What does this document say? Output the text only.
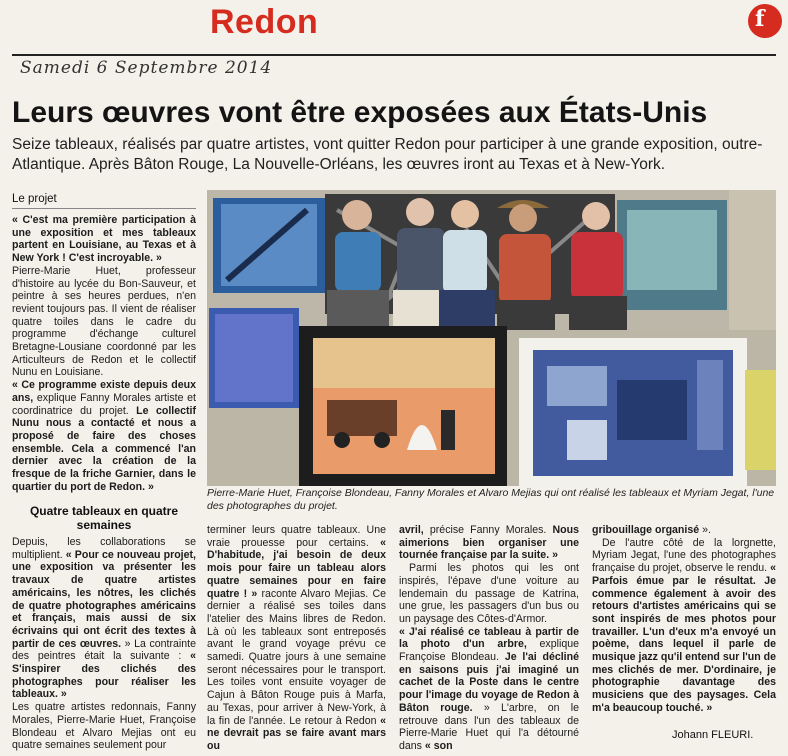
Redon	f
Samedi 6 Septembre 2014
Leurs œuvres vont être exposées aux États-Unis
Seize tableaux, réalisés par quatre artistes, vont quitter Redon pour participer à une grande exposition, outre-Atlantique. Après Bâton Rouge, La Nouvelle-Orléans, les œuvres iront au Texas et à New-York.
Le projet

« C'est ma première participation à une exposition et mes tableaux partent en Louisiane, au Texas et à New York ! C'est incroyable. »

Pierre-Marie Huet, professeur d'histoire au lycée du Bon-Sauveur, et peintre à ses heures perdues, n'en revient toujours pas. Il vient de réaliser quatre toiles dans le cadre du programme d'échange culturel Bretagne-Lousiane coordonné par les Articulteurs de Redon et le collectif Nunu en Louisiane.

« Ce programme existe depuis deux ans, explique Fanny Morales artiste et coordinatrice du projet. Le collectif Nunu nous a contacté et nous a proposé de faire des choses ensemble. Cela a commencé l'an dernier avec la création de la fresque de la friche Garnier, dans le quartier du port de Redon. »

Quatre tableaux en quatre semaines

Depuis, les collaborations se multiplient. « Pour ce nouveau projet, une exposition va présenter les travaux de quatre artistes américains, les nôtres, les clichés de quatre photographes américains et français, mais aussi de six écrivains qui ont écrit des textes à partir de ces œuvres. » La contrainte des peintres était la suivante : « S'inspirer des clichés des photographes pour réaliser les tableaux. »

Les quatre artistes redonnais, Fanny Morales, Pierre-Marie Huet, Françoise Blondeau et Alvaro Mejias ont eu quatre semaines seulement pour

Pierre-Marie Huet, Françoise Blondeau, Fanny Morales et Alvaro Mejias qui ont réalisé les tableaux et Myriam Jegat, l'une des photographes du projet.

terminer leurs quatre tableaux. Une vraie prouesse pour certains. « D'habitude, j'ai besoin de deux mois pour faire un tableau alors quatre semaines pour en faire quatre ! » raconte Alvaro Mejias. Ce dernier a réalisé ses toiles dans l'atelier des Mains libres de Redon. Là où les tableaux sont entreposés avant le grand voyage prévu ce samedi. Quatre jours à une semaine seront nécessaires pour le transport. Les toiles vont ensuite voyager de Cajun à Bâton Rouge puis à Marfa, au Texas, pour arriver à New-York, à la fin de l'année. Le retour à Redon « ne devrait pas se faire avant mars ou

avril, précise Fanny Morales. Nous aimerions bien organiser une tournée française par la suite. »

Parmi les photos qui les ont inspirés, l'épave d'une voiture au lendemain du passage de Katrina, une grue, les passagers d'un bus ou un paysage des Côtes-d'Armor.

« J'ai réalisé ce tableau à partir de la photo d'un arbre, explique Françoise Blondeau. Je l'ai décliné en saisons puis j'ai imaginé un cachet de la Poste dans le centre pour l'image du voyage de Redon à Bâton rouge. » L'arbre, on le retrouve dans l'un des tableaux de Pierre-Marie Huet qui l'a détourné dans « son

gribouillage organisé ».

De l'autre côté de la lorgnette, Myriam Jegat, l'une des photographes française du projet, observe le rendu. « Parfois émue par le résultat. Je commence également à avoir des retours d'artistes américains qui se sont inspirés de mes photos pour travailler. L'un d'eux m'a envoyé un poème, dans lequel il parle de musique jazz qu'il entend sur l'un de mes clichés de mer. D'ordinaire, je photographie davantage des musiciens que des paysages. Cela m'a beaucoup touché. »

Johann FLEURI.
